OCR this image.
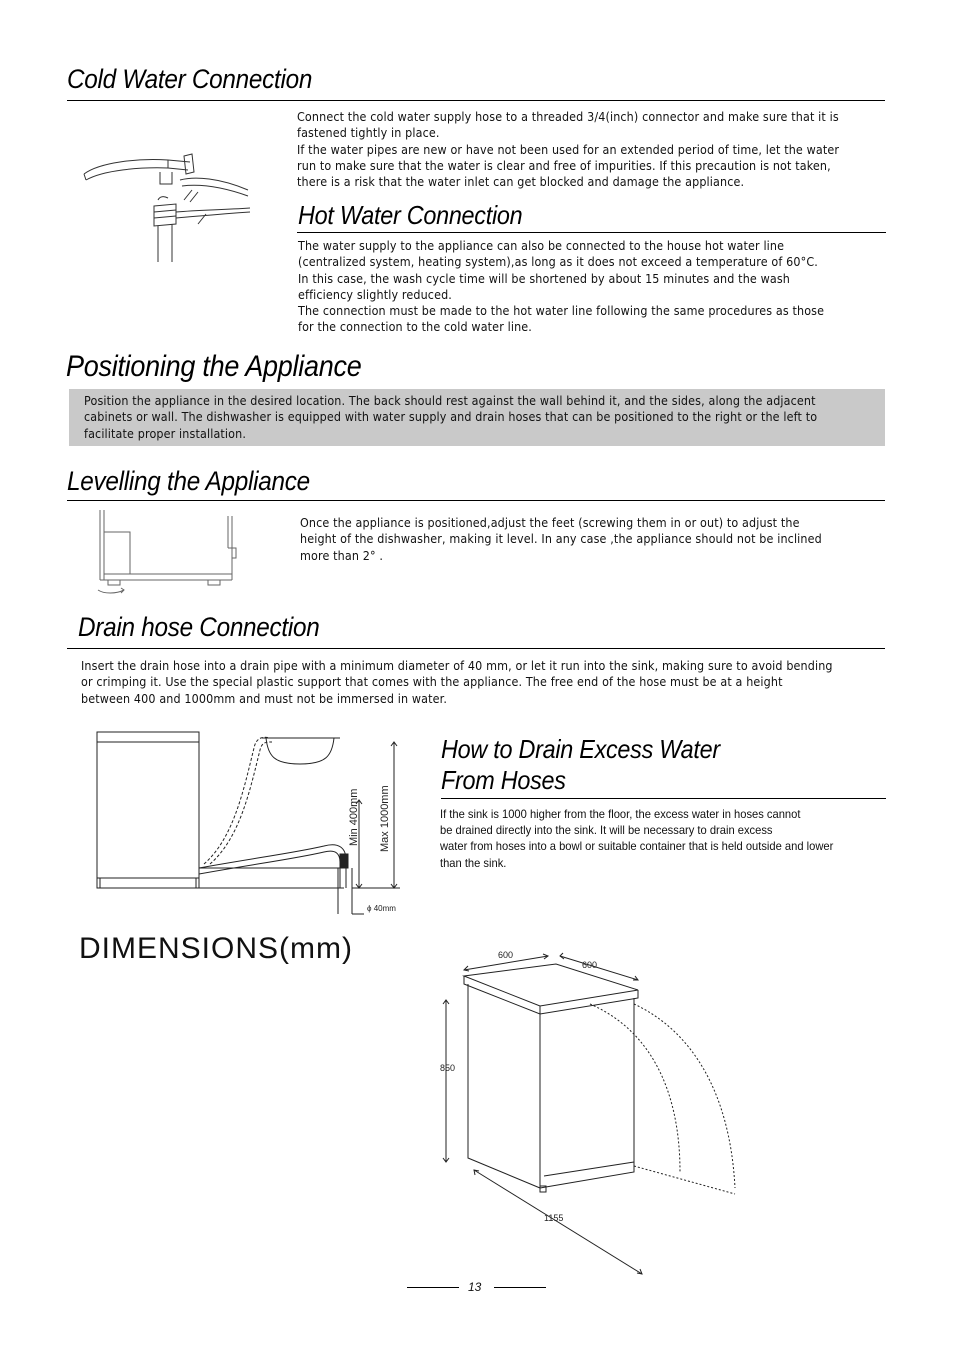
Cold Water Connection
Connect the cold water supply hose to a threaded 3/4(inch) connector and make sure that it is
fastened tightly in place.
If the water pipes are new or have not been used for an extended period of time, let the water
run to make sure that the water is clear and free of impurities. If this precaution is not taken,
there is a risk that the water inlet can get blocked and damage the appliance.
Hot Water Connection
The water supply to the appliance can also be connected to the house hot water line
(centralized system, heating system),as long as it does not exceed a temperature of 60°C.
In this case, the wash cycle time will be shortened by about 15 minutes and the wash
efficiency slightly reduced.
The connection must be made to the hot water line following the same procedures as those
for the connection to the cold water line.
Positioning the Appliance
Position the appliance in the desired location. The back should rest against the wall behind it, and the sides, along the adjacent
cabinets or wall. The dishwasher is equipped with water supply and drain hoses that can be positioned to the right or the left to
facilitate proper installation.
Levelling the Appliance
Once the appliance is positioned,adjust the feet (screwing them in or out) to adjust the
height of the dishwasher, making it level. In any case ,the appliance should not be inclined
more than 2° .
Drain hose Connection
Insert the drain hose into a drain pipe with a minimum diameter of 40 mm, or let it run into the sink, making sure to avoid bending
or crimping it. Use the special plastic support that comes with the appliance. The free end of the hose must be at a height
between 400 and 1000mm and must not be immersed in water.
Min 400mm Max 1000mm
ϕ 40mm
How to Drain Excess Water
From Hoses
If the sink is 1000 higher from the floor, the excess water in hoses cannot
be drained directly into the sink. It will be necessary to drain excess
water from hoses into a bowl or suitable container that is held outside and lower
than the sink.
DIMENSIONS(mm)	600
600
850
1155
13
